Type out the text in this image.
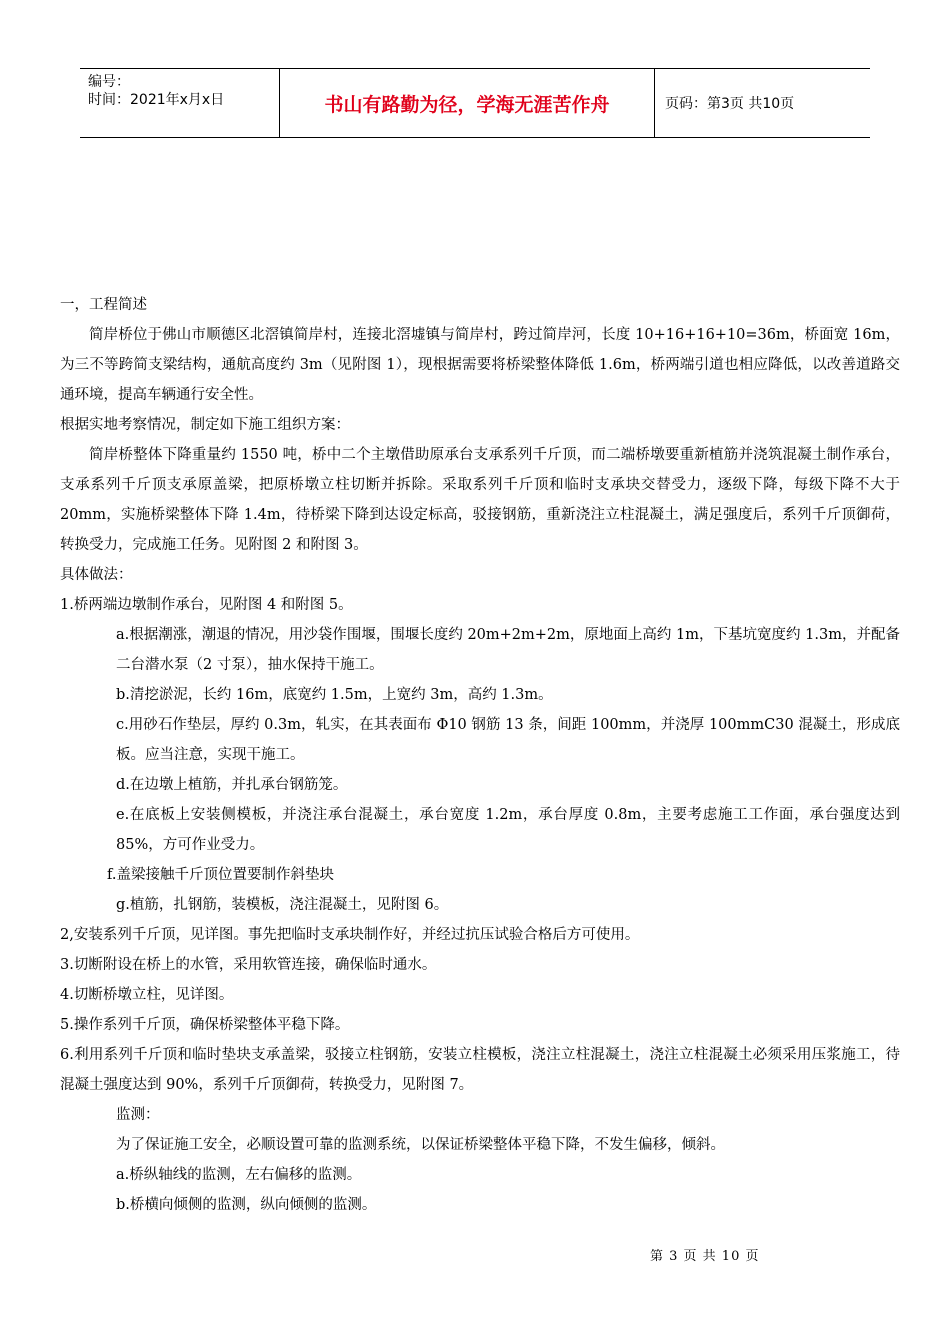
编号：
时间：2021年x月x日	书山有路勤为径，学海无涯苦作舟	页码：第3页 共10页

一，工程简述

简岸桥位于佛山市顺德区北滘镇简岸村，连接北滘墟镇与简岸村，跨过简岸河，长度 10+16+16+10=36m，桥面宽 16m，为三不等跨简支梁结构，通航高度约 3m（见附图 1），现根据需要将桥梁整体降低 1.6m，桥两端引道也相应降低，以改善道路交通环境，提高车辆通行安全性。

根据实地考察情况，制定如下施工组织方案：

简岸桥整体下降重量约 1550 吨，桥中二个主墩借助原承台支承系列千斤顶，而二端桥墩要重新植筋并浇筑混凝土制作承台，支承系列千斤顶支承原盖梁，把原桥墩立柱切断并拆除。采取系列千斤顶和临时支承块交替受力，逐级下降，每级下降不大于 20mm，实施桥梁整体下降 1.4m，待桥梁下降到达设定标高，驳接钢筋，重新浇注立柱混凝土，满足强度后，系列千斤顶御荷，转换受力，完成施工任务。见附图 2 和附图 3。

具体做法：

1.桥两端边墩制作承台，见附图 4 和附图 5。

a.根据潮涨，潮退的情况，用沙袋作围堰，围堰长度约 20m+2m+2m，原地面上高约 1m，下基坑宽度约 1.3m，并配备二台潜水泵（2 寸泵），抽水保持干施工。

b.清挖淤泥，长约 16m，底宽约 1.5m，上宽约 3m，高约 1.3m。

c.用砂石作垫层，厚约 0.3m，轧实，在其表面布 Φ10 钢筋 13 条，间距 100mm，并浇厚 100mmC30 混凝土，形成底板。应当注意，实现干施工。

d.在边墩上植筋，并扎承台钢筋笼。

e.在底板上安装侧模板，并浇注承台混凝土，承台宽度 1.2m，承台厚度 0.8m，主要考虑施工工作面，承台强度达到 85%，方可作业受力。

f.盖梁接触千斤顶位置要制作斜垫块

g.植筋，扎钢筋，装模板，浇注混凝土，见附图 6。

2,安装系列千斤顶，见详图。事先把临时支承块制作好，并经过抗压试验合格后方可使用。

3.切断附设在桥上的水管，采用软管连接，确保临时通水。

4.切断桥墩立柱，见详图。

5.操作系列千斤顶，确保桥梁整体平稳下降。

6.利用系列千斤顶和临时垫块支承盖梁，驳接立柱钢筋，安装立柱模板，浇注立柱混凝土，浇注立柱混凝土必须采用压浆施工，待混凝土强度达到 90%，系列千斤顶御荷，转换受力，见附图 7。

监测：

为了保证施工安全，必顺设置可靠的监测系统，以保证桥梁整体平稳下降，不发生偏移，倾斜。

a.桥纵轴线的监测，左右偏移的监测。

b.桥横向倾侧的监测，纵向倾侧的监测。

第 3 页 共 10 页
